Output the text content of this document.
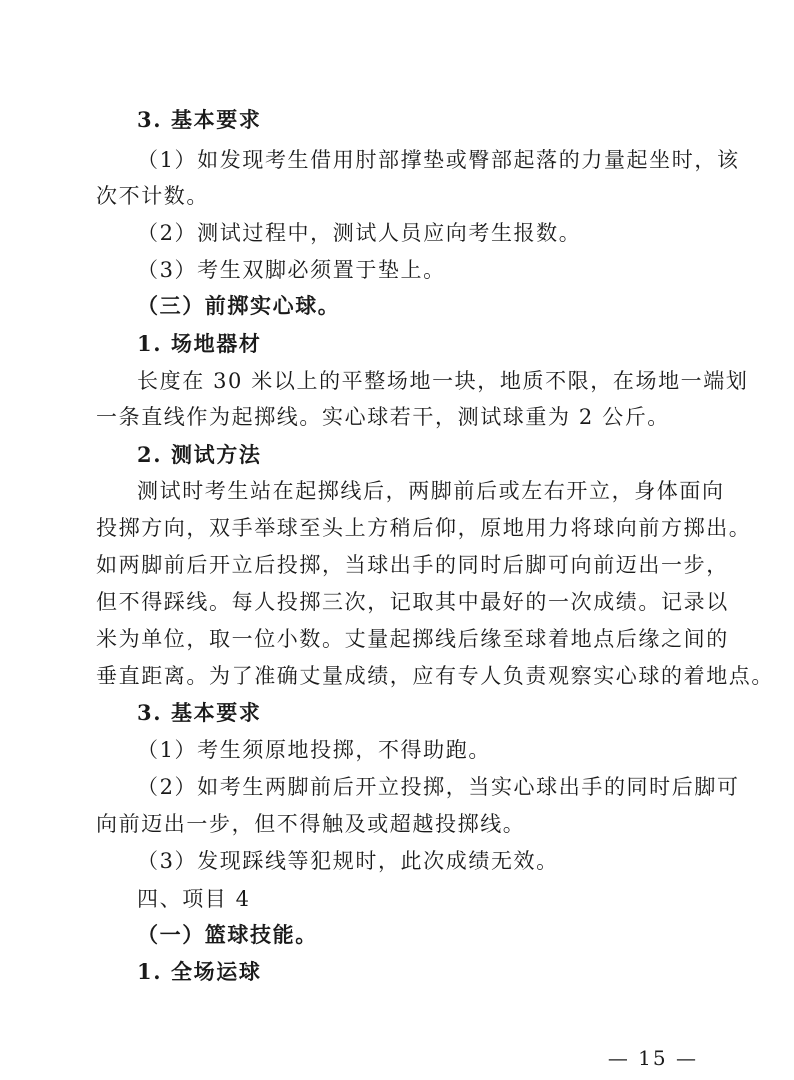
3. 基本要求
（1）如发现考生借用肘部撑垫或臀部起落的力量起坐时，该
次不计数。
（2）测试过程中，测试人员应向考生报数。
（3）考生双脚必须置于垫上。
（三）前掷实心球。
1. 场地器材
长度在 30 米以上的平整场地一块，地质不限，在场地一端划
一条直线作为起掷线。实心球若干，测试球重为 2 公斤。
2. 测试方法
测试时考生站在起掷线后，两脚前后或左右开立，身体面向
投掷方向，双手举球至头上方稍后仰，原地用力将球向前方掷出。
如两脚前后开立后投掷，当球出手的同时后脚可向前迈出一步，
但不得踩线。每人投掷三次，记取其中最好的一次成绩。记录以
米为单位，取一位小数。丈量起掷线后缘至球着地点后缘之间的
垂直距离。为了准确丈量成绩，应有专人负责观察实心球的着地点。
3. 基本要求
（1）考生须原地投掷，不得助跑。
（2）如考生两脚前后开立投掷，当实心球出手的同时后脚可
向前迈出一步，但不得触及或超越投掷线。
（3）发现踩线等犯规时，此次成绩无效。
四、项目 4
（一）篮球技能。
1. 全场运球
— 15 —
